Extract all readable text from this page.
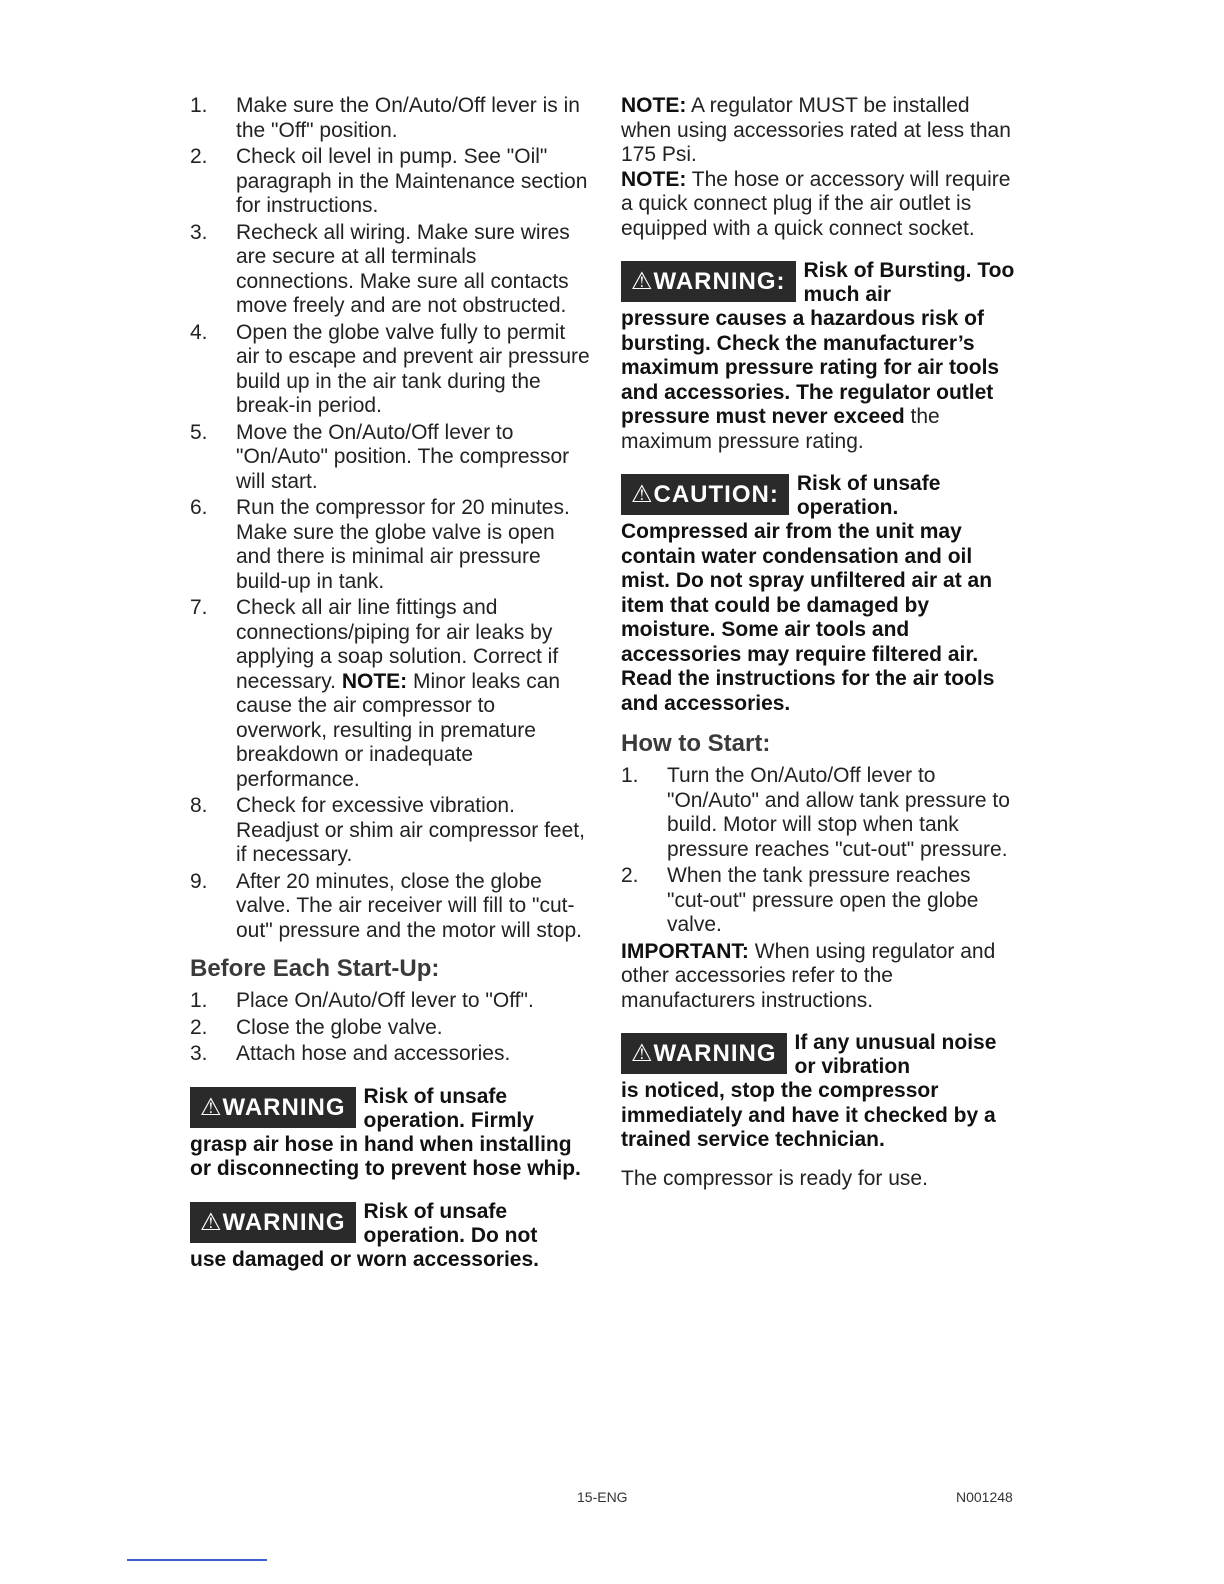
1.	Make sure the On/Auto/Off lever is in the "Off" position.
2.	Check oil level in pump. See "Oil" paragraph in the Maintenance section for instructions.
3.	Recheck all wiring. Make sure wires are secure at all terminals connections. Make sure all contacts move freely and are not obstructed.
4.	Open the globe valve fully to permit air to escape and prevent air pressure build up in the air tank during the break-in period.
5.	Move the On/Auto/Off lever to "On/Auto" position. The compressor will start.
6.	Run the compressor for 20 minutes. Make sure the globe valve is open and there is minimal air pressure build-up in tank.
7.	Check all air line fittings and connections/piping for air leaks by applying a soap solution. Correct if necessary. NOTE: Minor leaks can cause the air compressor to overwork, resulting in premature breakdown or inadequate performance.
8.	Check for excessive vibration. Readjust or shim air compressor feet, if necessary.
9.	After 20 minutes, close the globe valve. The air receiver will fill to "cut-out" pressure and the motor will stop.
Before Each Start-Up:
1.	Place On/Auto/Off lever to "Off".
2.	Close the globe valve.
3.	Attach hose and accessories.
⚠WARNING Risk of unsafe operation. Firmly
grasp air hose in hand when installing or disconnecting to prevent hose whip.
⚠WARNING Risk of unsafe operation. Do not
use damaged or worn accessories.

NOTE: A regulator MUST be installed when using accessories rated at less than 175 Psi.

NOTE: The hose or accessory will require a quick connect plug if the air outlet is equipped with a quick connect socket.

⚠WARNING: Risk of Bursting. Too much air
pressure causes a hazardous risk of bursting. Check the manufacturer’s maximum pressure rating for air tools and accessories. The regulator outlet pressure must never exceed the maximum pressure rating.
⚠CAUTION: Risk of unsafe operation.
Compressed air from the unit may contain water condensation and oil mist. Do not spray unfiltered air at an item that could be damaged by moisture. Some air tools and accessories may require filtered air. Read the instructions for the air tools and accessories.
How to Start:
1.	Turn the On/Auto/Off lever to "On/Auto" and allow tank pressure to build. Motor will stop when tank pressure reaches "cut-out" pressure.
2.	When the tank pressure reaches "cut-out" pressure open the globe valve.

IMPORTANT: When using regulator and other accessories refer to the manufacturers instructions.

⚠WARNING If any unusual noise or vibration
is noticed, stop the compressor immediately and have it checked by a trained service technician.
The compressor is ready for use.
15-ENG	N001248
